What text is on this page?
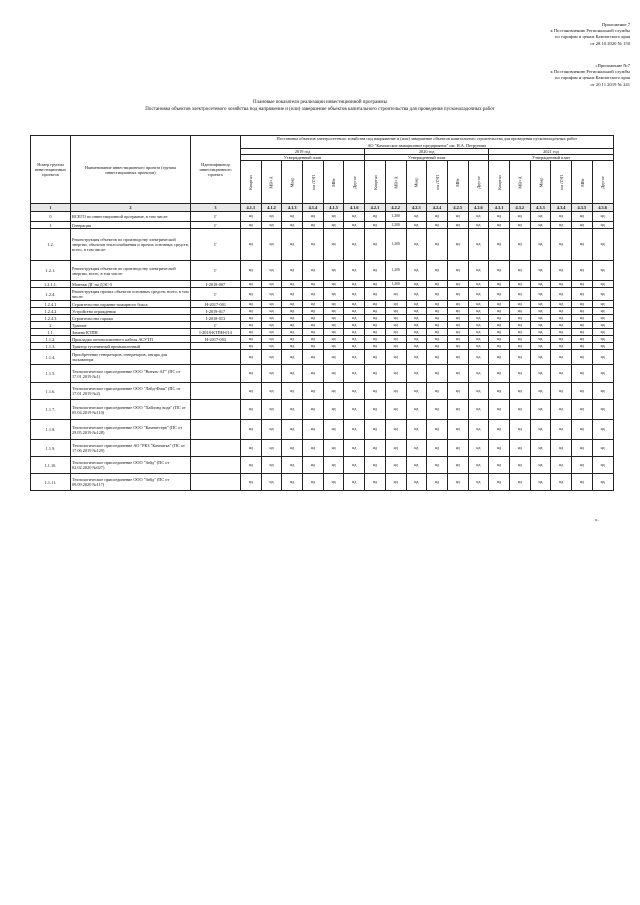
Приложение 7
к Постановлению Региональной службы
по тарифам и ценам Камчатского края
от 28.10.2020 № 150
«Приложение №7
к Постановлению Региональной службы
по тарифам и ценам Камчатского края
от 20.11.2019 № 241
Плановые показатели реализации инвестиционной программы
Постановка объектов электросетевого хозяйства под напряжение и (или) завершение объектов капитального строительства для проведения пусконаладочных работ
Номер группы инвестиционных проектов	Наименование инвестиционного проекта (группы инвестиционных проектов)	Идентификатор инвестиционного проекта	Постановка объектов электросетевого хозяйства под напряжение и (или) завершение объектов капитального строительства для проведения пусконаладочных работ
АО "Камчатское авиационное предприятие" им. Н.А. Петрунина																	

			2019 год						2020 год						2021 год					
			Утвержденный план						Утвержденный план						Утвержденный план					
			Квартал	МВ×А	Мвар	км ЛЭП	МВт	Другое	Квартал	МВ×А	Мвар	км ЛЭП	МВт	Другое	Квартал	МВ×А	Мвар	км ЛЭП	МВт	Другое
1	2	3	4.1.1	4.1.2	4.1.3	4.1.4	4.1.5	4.1.6	4.2.1	4.2.2	4.2.3	4.2.4	4.2.5	4.2.6	4.3.1	4.3.2	4.3.3	4.3.4	4.3.5	4.3.6
0	ВСЕГО по инвестиционной программе, в том числе:	Г	нд	нд	нд	нд	нд	нд	нд	1,200	нд	нд	нд	нд	нд	нд	нд	нд	нд	нд
1	Генерация	Г	нд	нд	нд	нд	нд	нд	нд	1,200	нд	нд	нд	нд	нд	нд	нд	нд	нд	нд
1.2.	Реконструкция объектов по производству электрической энергии, объектов теплоснабжения и прочих основных средств, всего, в том числе:	Г	нд	нд	нд	нд	нд	нд	нд	1,200	нд	нд	нд	нд	нд	нд	нд	нд	нд	нд
1.2.1.	Реконструкция объектов по производству электрической энергии, всего, в том числе:	Г	нд	нд	нд	нд	нд	нд	нд	1,200	нд	нд	нд	нд	нд	нд	нд	нд	нд	нд
1.2.1.1.	Монтаж ДГ на ДЭС-5	I-2018-007	нд	нд	нд	нд	нд	нд	нд	1,200	нд	нд	нд	нд	нд	нд	нд	нд	нд	нд
1.2.4.	Реконструкция прочих объектов основных средств, всего, в том числе:	Г	нд	нд	нд	нд	нд	нд	нд	нд	нд	нд	нд	нд	нд	нд	нд	нд	нд	нд
1.2.4.1	Строительство охранно-пожарного бокса	H-2017-001	нд	нд	нд	нд	нд	нд	нд	нд	нд	нд	нд	нд	нд	нд	нд	нд	нд	нд
1.2.4.2	Устройство ограждения	I-2019-017	нд	нд	нд	нд	нд	нд	нд	нд	нд	нд	нд	нд	нд	нд	нд	нд	нд	нд
1.2.4.3	Строительство гаража	I-2018-013	нд	нд	нд	нд	нд	нд	нд	нд	нд	нд	нд	нд	нд	нд	нд	нд	нд	нд
2	Транзит	Г	нд	нд	нд	нд	нд	нд	нд	нд	нд	нд	нд	нд	нд	нд	нд	нд	нд	нд
1.1.	Замена КТПН	I-2018-КТПН-014	нд	нд	нд	нд	нд	нд	нд	нд	нд	нд	нд	нд	нд	нд	нд	нд	нд	нд
1.1.2.	Прокладка оптоволоконного кабеля АСУТП	H-2017-003	нд	нд	нд	нд	нд	нд	нд	нд	нд	нд	нд	нд	нд	нд	нд	нд	нд	нд
1.1.3.	Трактор гусеничный промышленный		нд	нд	нд	нд	нд	нд	нд	нд	нд	нд	нд	нд	нд	нд	нд	нд	нд	нд
1.1.4.	Приобретение генераторов, генераторов, ангара для экскаватора		нд	нд	нд	нд	нд	нд	нд	нд	нд	нд	нд	нд	нд	нд	нд	нд	нд	нд
1.1.5.	Технологическое присоединение ООО "Витязь-АГ" (ПС от 17.01.2019 №1)		нд	нд	нд	нд	нд	нд	нд	нд	нд	нд	нд	нд	нд	нд	нд	нд	нд	нд
1.1.6.	Технологическое присоединение ООО "Лейд-Фиш" (ПС от 17.01.2019 №2)		нд	нд	нд	нд	нд	нд	нд	нд	нд	нд	нд	нд	нд	нд	нд	нд	нд	нд
1.1.7.	Технологическое присоединение ООО "Хайлэнд вода" (ПС от 05.04.2019 №110)		нд	нд	нд	нд	нд	нд	нд	нд	нд	нд	нд	нд	нд	нд	нд	нд	нд	нд
1.1.8.	Технологическое присоединение ООО "Камчатсерв" (ПС от 29.05.2019 №128)		нд	нд	нд	нд	нд	нд	нд	нд	нд	нд	нд	нд	нд	нд	нд	нд	нд	нд
1.1.9.	Технологическое присоединение АО "РКЗ "Камчатка" (ПС от 17.06.2019 №129)		нд	нд	нд	нд	нд	нд	нд	нд	нд	нд	нд	нд	нд	нд	нд	нд	нд	нд
1.1.10.	Технологическое присоединение ООО "Зейд" (ПС от 02.02.2020 №027)		нд	нд	нд	нд	нд	нд	нд	нд	нд	нд	нд	нд	нд	нд	нд	нд	нд	нд
1.1.11.	Технологическое присоединение ООО "Зейд" (ПС от 09.09.2020 №117)		нд	нд	нд	нд	нд	нд	нд	нд	нд	нд	нд	нд	нд	нд	нд	нд	нд	нд
».
